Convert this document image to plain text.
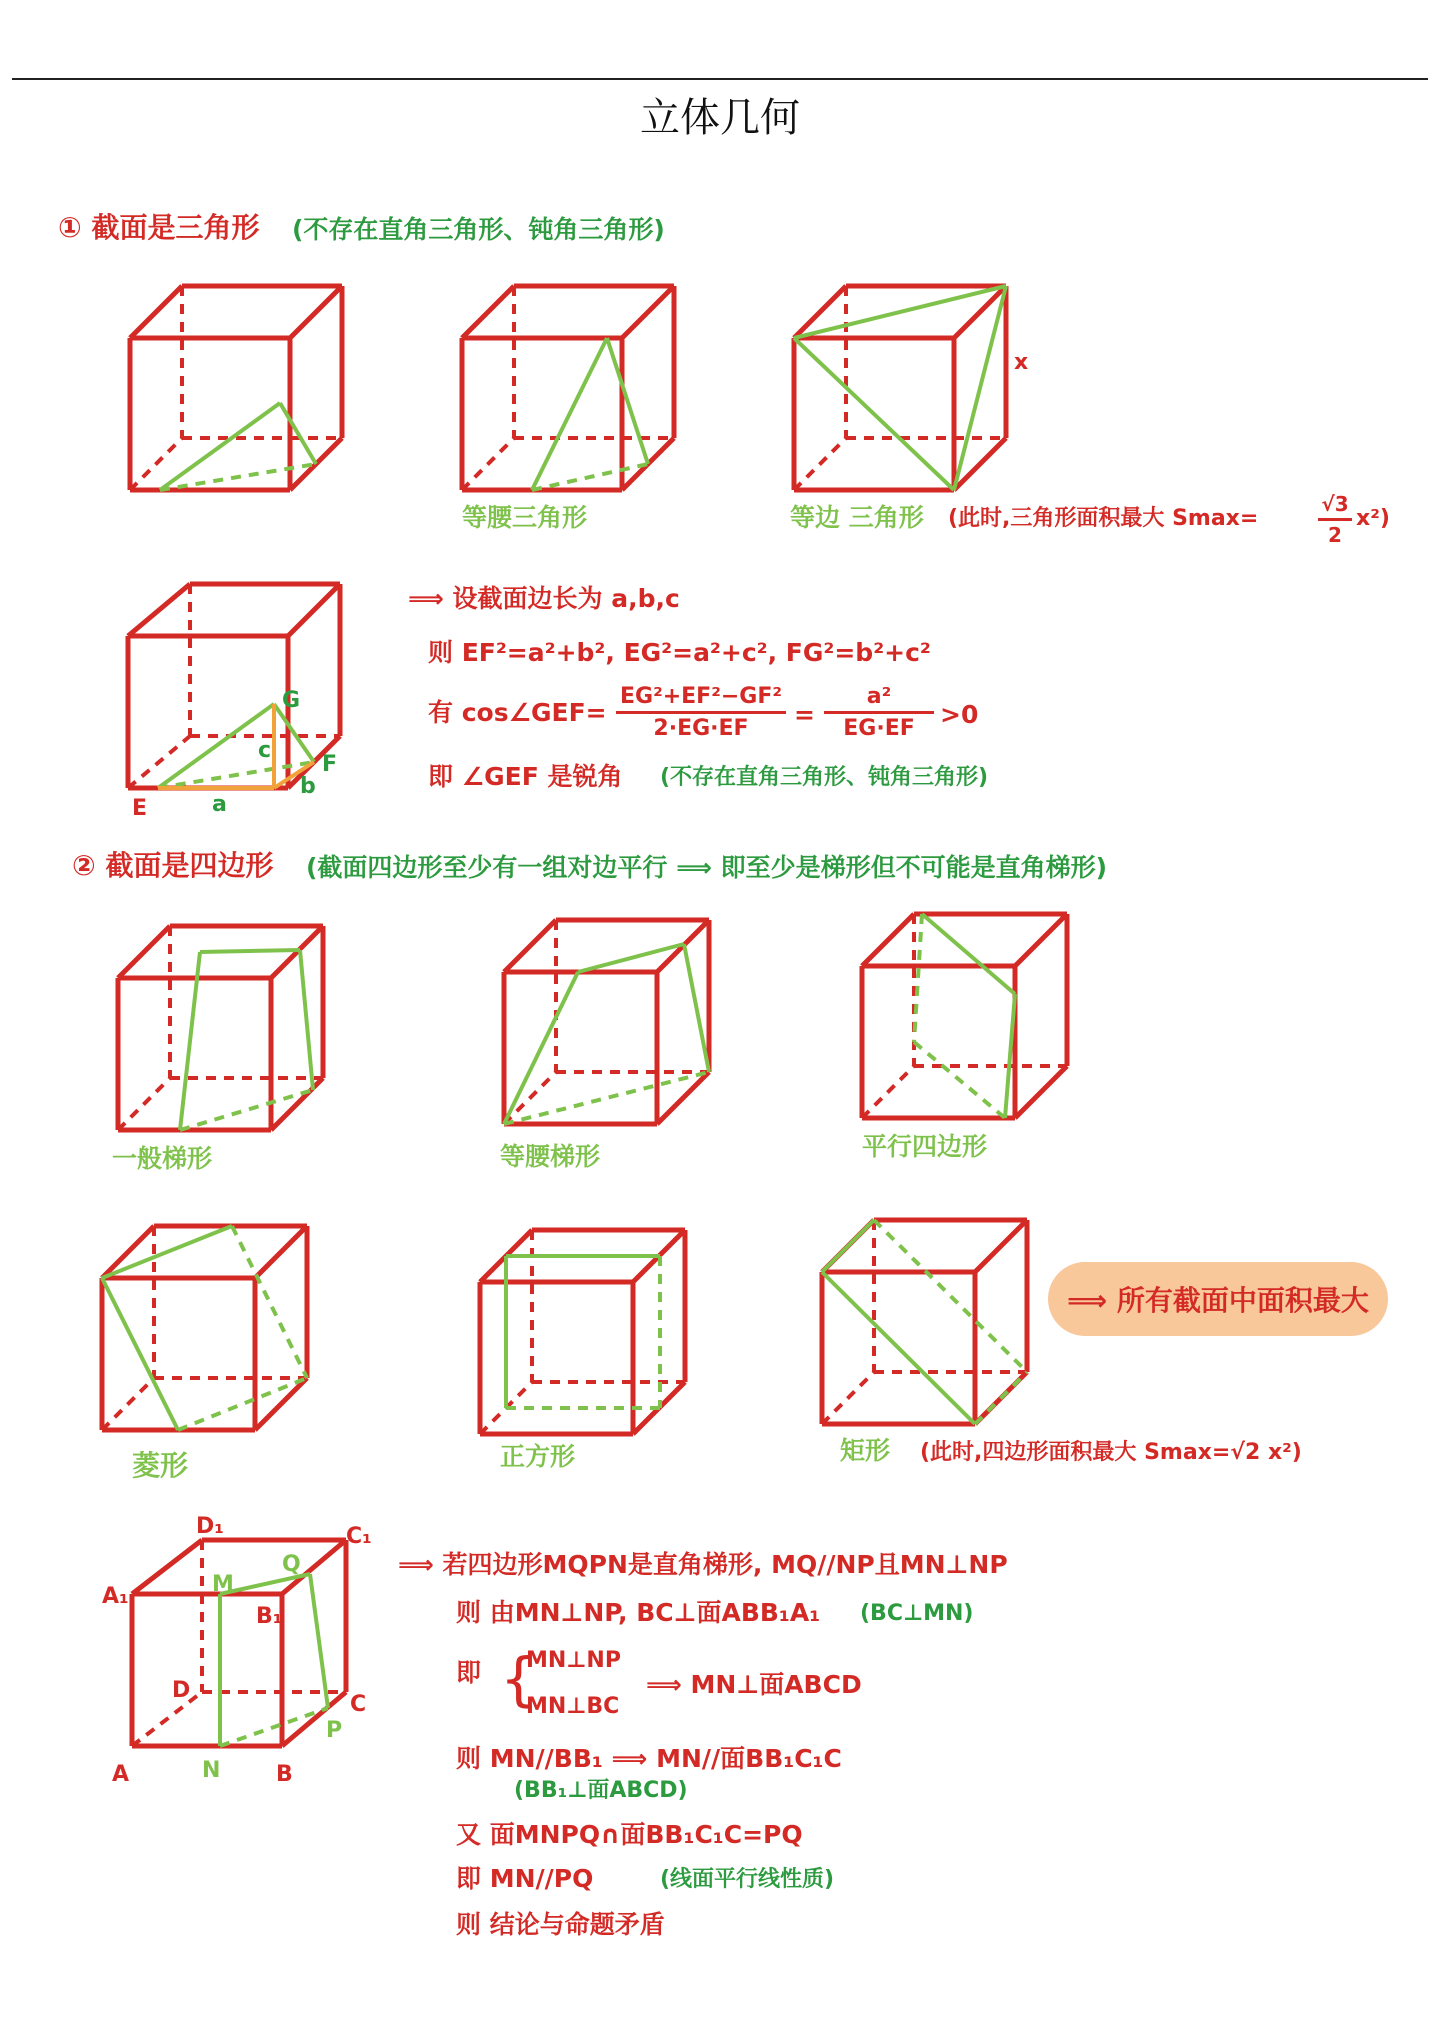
立体几何
① 截面是三角形 (不存在直角三角形、钝角三角形)
等腰三角形
x
等边 三角形 (此时,三角形面积最大 Smax=
√3
2
x²)
E	a
b
c
F
G
⟹ 设截面边长为 a,b,c
则 EF²=a²+b², EG²=a²+c², FG²=b²+c²
有 cos∠GEF=
EG²+EF²−GF²
2·EG·EF	=
a²
EG·EF	>0
即 ∠GEF 是锐角 (不存在直角三角形、钝角三角形)
② 截面是四边形 (截面四边形至少有一组对边平行 ⟹ 即至少是梯形但不可能是直角梯形)
一般梯形	等腰梯形	平行四边形
菱形	正方形
⟹ 所有截面中面积最大
矩形 (此时,四边形面积最大 Smax=√2 x²)
D₁	C₁
A₁
B₁
M
Q
D
C
P
A	N	B
⟹ 若四边形MQPN是直角梯形, MQ//NP且MN⊥NP
则 由MN⊥NP, BC⊥面ABB₁A₁ (BC⊥MN)
即 {
MN⊥NP
MN⊥BC
⟹ MN⊥面ABCD
则 MN//BB₁ ⟹ MN//面BB₁C₁C
(BB₁⊥面ABCD)
又 面MNPQ∩面BB₁C₁C=PQ
即 MN//PQ	(线面平行线性质)
则 结论与命题矛盾
